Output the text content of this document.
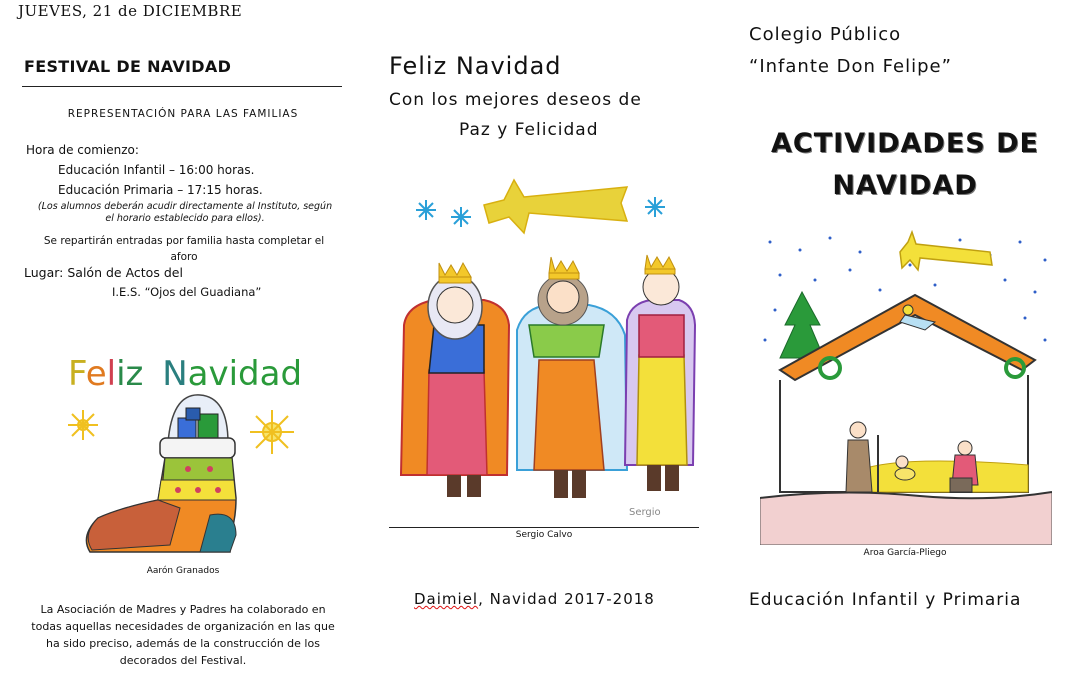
JUEVES, 21 de DICIEMBRE
FESTIVAL DE NAVIDAD
REPRESENTACIÓN PARA LAS FAMILIAS
Hora de comienzo:
Educación Infantil – 16:00 horas.
Educación Primaria – 17:15 horas.
(Los alumnos deberán acudir directamente al Instituto, según
el horario establecido para ellos).
Se repartirán entradas por familia hasta completar el
aforo
Lugar: Salón de Actos del
I.E.S. “Ojos del Guadiana”
Feliz Navidad
Aarón Granados
La Asociación de Madres y Padres ha colaborado en
todas aquellas necesidades de organización en las que
ha sido preciso, además de la construcción de los
decorados del Festival.
Feliz Navidad
Con los mejores deseos de
Paz y Felicidad
Sergio
Sergio Calvo
Daimiel, Navidad 2017-2018
Colegio Público
“Infante Don Felipe”
ACTIVIDADES DE
NAVIDAD
Aroa García-Pliego
Educación Infantil y Primaria
